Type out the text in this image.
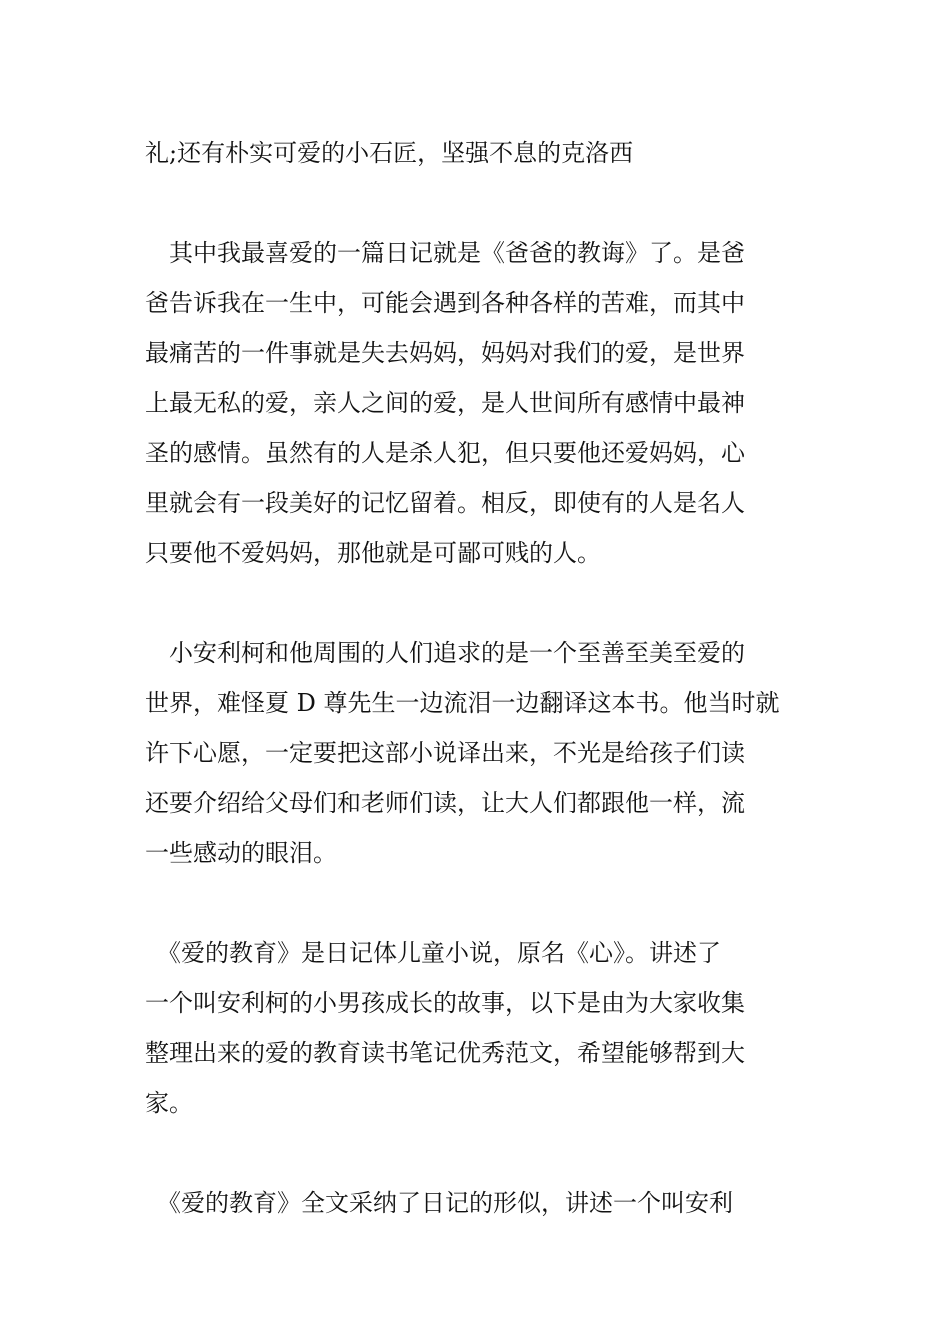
礼;还有朴实可爱的小石匠，坚强不息的克洛西
　其中我最喜爱的一篇日记就是《爸爸的教诲》了。是爸
爸告诉我在一生中，可能会遇到各种各样的苦难，而其中
最痛苦的一件事就是失去妈妈，妈妈对我们的爱，是世界
上最无私的爱，亲人之间的爱，是人世间所有感情中最神
圣的感情。虽然有的人是杀人犯，但只要他还爱妈妈，心
里就会有一段美好的记忆留着。相反，即使有的人是名人
只要他不爱妈妈，那他就是可鄙可贱的人。
　小安利柯和他周围的人们追求的是一个至善至美至爱的
世界，难怪夏 D 尊先生一边流泪一边翻译这本书。他当时就
许下心愿，一定要把这部小说译出来，不光是给孩子们读
还要介绍给父母们和老师们读，让大人们都跟他一样，流
一些感动的眼泪。
　《爱的教育》是日记体儿童小说，原名《心》。讲述了
一个叫安利柯的小男孩成长的故事，以下是由为大家收集
整理出来的爱的教育读书笔记优秀范文，希望能够帮到大
家。
　《爱的教育》全文采纳了日记的形似，讲述一个叫安利
